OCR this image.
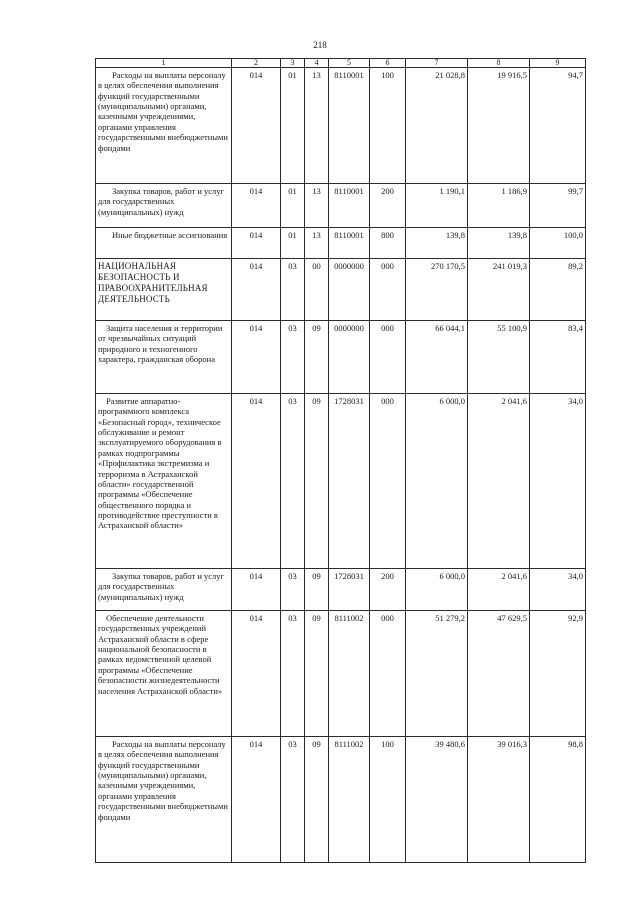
218
1	2	3	4	5	6	7	8	9

Расходы на выплаты персоналу в целях обеспечения выполнения функций государственными (муниципальными) органами, казенными учреждениями, органами управления государственными внебюджетными фондами	014	01	13	8110001	100	21 028,8	19 916,5	94,7

Закупка товаров, работ и услуг для государственных (муниципальных) нужд	014	01	13	8110001	200	1 190,1	1 186,9	99,7

Иные бюджетные ассигнования	014	01	13	8110001	800	139,8	139,8	100,0

НАЦИОНАЛЬНАЯ БЕЗОПАСНОСТЬ И ПРАВООХРАНИТЕЛЬНАЯ ДЕЯТЕЛЬНОСТЬ	014	03	00	0000000	000	270 170,5	241 019,3	89,2

Защита населения и территории от чрезвычайных ситуаций природного и техногенного характера, гражданская оборона	014	03	09	0000000	000	66 044,1	55 100,9	83,4

Развитие аппаратно-программного комплекса «Безопасный город», техническое обслуживание и ремонт эксплуатируемого оборудования в рамках подпрограммы «Профилактика экстремизма и терроризма в Астраханской области» государственной программы «Обеспечение общественного порядка и противодействие преступности в Астраханской области»	014	03	09	1728031	000	6 000,0	2 041,6	34,0

Закупка товаров, работ и услуг для государственных (муниципальных) нужд	014	03	09	1728031	200	6 000,0	2 041,6	34,0

Обеспечение деятельности государственных учреждений Астраханской области в сфере национальной безопасности в рамках ведомственной целевой программы «Обеспечение безопасности жизнедеятельности населения Астраханской области»	014	03	09	8111002	000	51 279,2	47 629,5	92,9

Расходы на выплаты персоналу в целях обеспечения выполнения функций государственными (муниципальными) органами, казенными учреждениями, органами управления государственными внебюджетными фондами	014	03	09	8111002	100	39 480,6	39 016,3	98,8
